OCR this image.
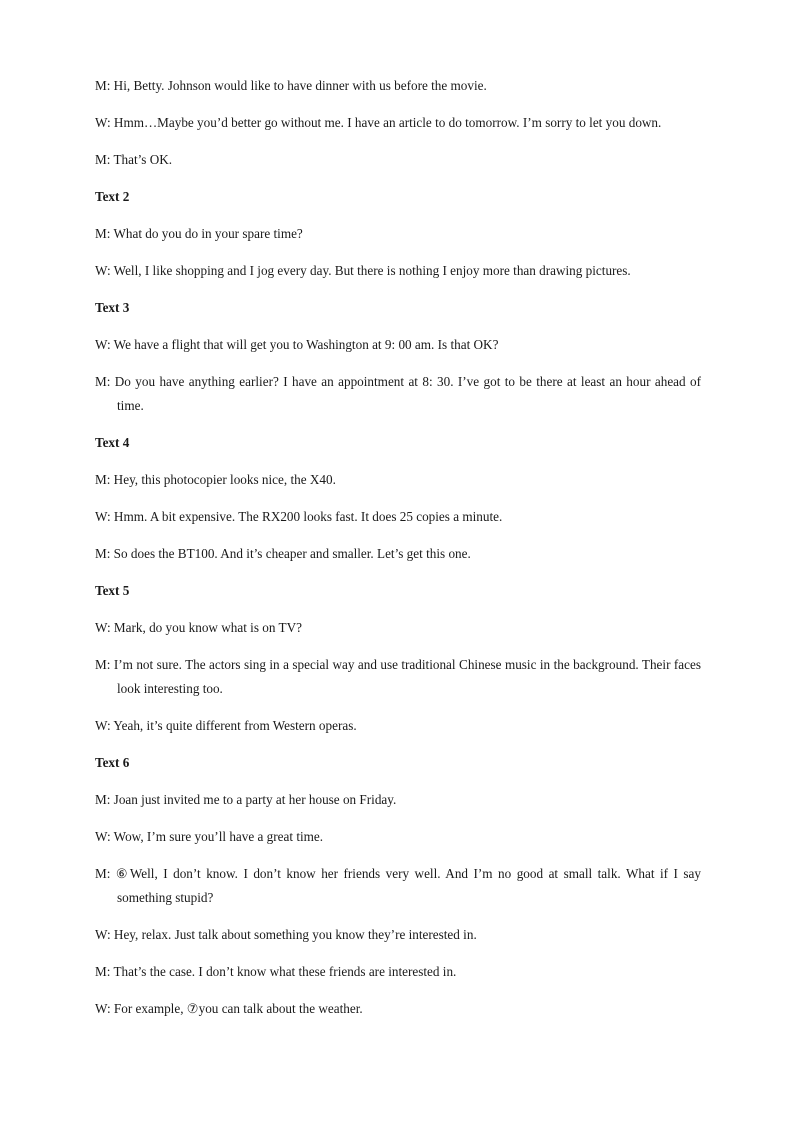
M: Hi, Betty. Johnson would like to have dinner with us before the movie.

W: Hmm…Maybe you’d better go without me. I have an article to do tomorrow. I’m sorry to let you down.

M: That’s OK.

Text 2

M: What do you do in your spare time?

W: Well, I like shopping and I jog every day. But there is nothing I enjoy more than drawing pictures.

Text 3

W: We have a flight that will get you to Washington at 9: 00 am. Is that OK?

M: Do you have anything earlier? I have an appointment at 8: 30. I’ve got to be there at least an hour ahead of time.

Text 4

M: Hey, this photocopier looks nice, the X40.

W: Hmm. A bit expensive. The RX200 looks fast. It does 25 copies a minute.

M: So does the BT100. And it’s cheaper and smaller. Let’s get this one.

Text 5

W: Mark, do you know what is on TV?

M: I’m not sure. The actors sing in a special way and use traditional Chinese music in the background. Their faces look interesting too.

W: Yeah, it’s quite different from Western operas.

Text 6

M: Joan just invited me to a party at her house on Friday.

W: Wow, I’m sure you’ll have a great time.

M: ⑥Well, I don’t know. I don’t know her friends very well. And I’m no good at small talk. What if I say something stupid?

W: Hey, relax. Just talk about something you know they’re interested in.

M: That’s the case. I don’t know what these friends are interested in.

W: For example, ⑦you can talk about the weather.
